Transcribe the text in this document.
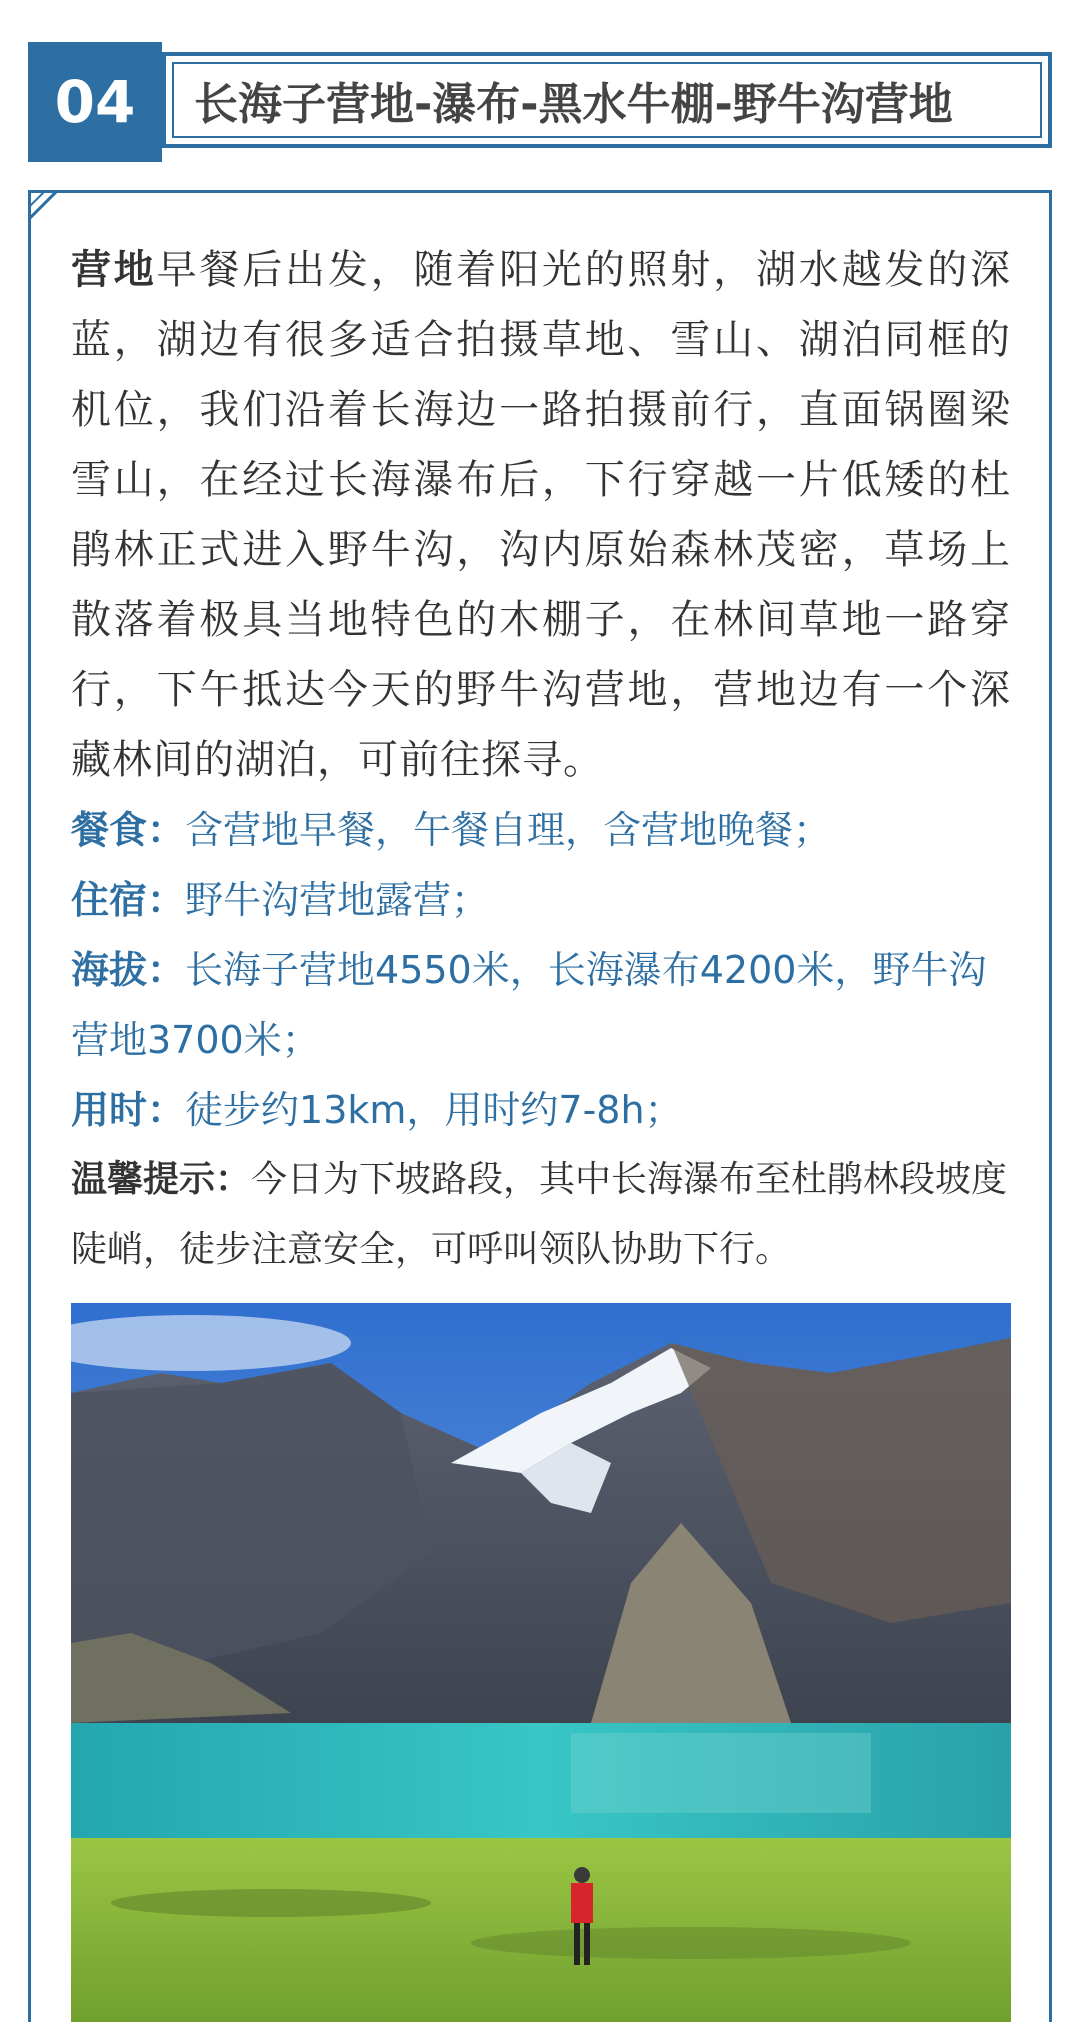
04	长海子营地-瀑布-黑水牛棚-野牛沟营地

营地早餐后出发，随着阳光的照射，湖水越发的深蓝，湖边有很多适合拍摄草地、雪山、湖泊同框的机位，我们沿着长海边一路拍摄前行，直面锅圈梁雪山，在经过长海瀑布后，下行穿越一片低矮的杜鹃林正式进入野牛沟，沟内原始森林茂密，草场上散落着极具当地特色的木棚子，在林间草地一路穿行，下午抵达今天的野牛沟营地，营地边有一个深藏林间的湖泊，可前往探寻。

餐食：含营地早餐，午餐自理，含营地晚餐；

住宿：野牛沟营地露营；

海拔：长海子营地4550米，长海瀑布4200米，野牛沟营地3700米；

用时：徒步约13km，用时约7-8h；

温馨提示：今日为下坡路段，其中长海瀑布至杜鹃林段坡度陡峭，徒步注意安全，可呼叫领队协助下行。
